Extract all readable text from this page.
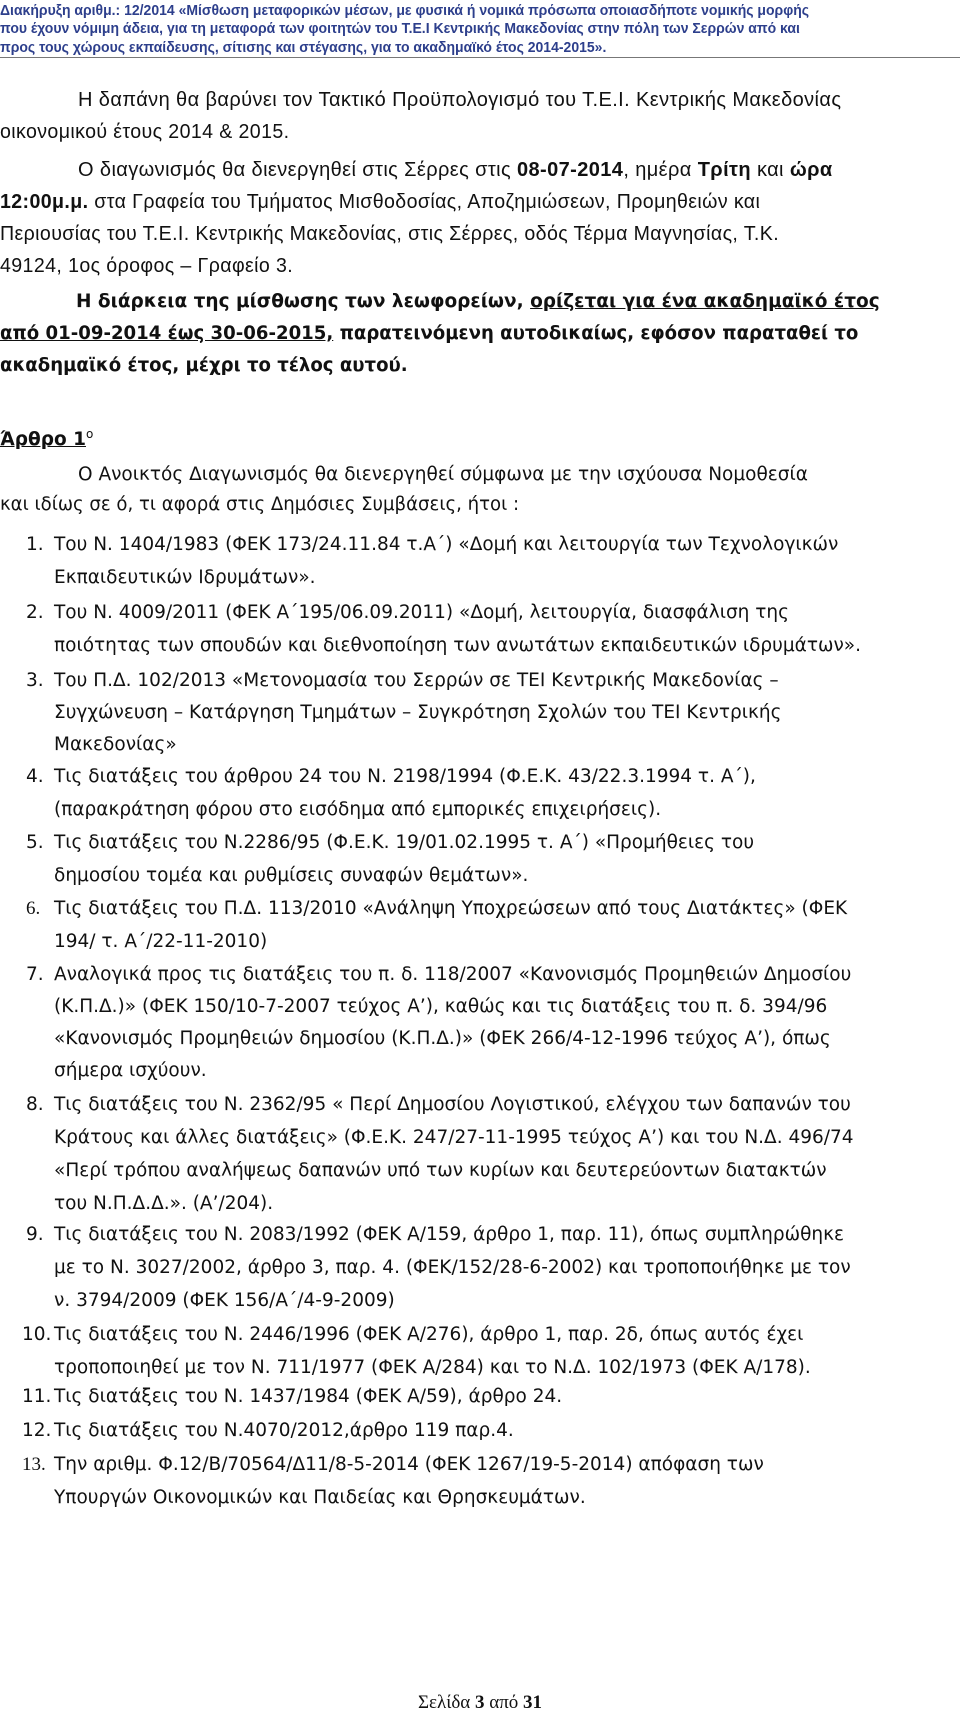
Διακήρυξη αριθμ.: 12/2014 «Μίσθωση μεταφορικών μέσων, με φυσικά ή νομικά πρόσωπα οποιασδήποτε νομικής μορφής
που έχουν νόμιμη άδεια, για τη μεταφορά των φοιτητών του Τ.Ε.Ι Κεντρικής Μακεδονίας στην πόλη των Σερρών από και
προς τους χώρους εκπαίδευσης, σίτισης και στέγασης, για το ακαδημαϊκό έτος 2014-2015».
Η δαπάνη θα βαρύνει τον Τακτικό Προϋπολογισμό του Τ.Ε.Ι. Κεντρικής Μακεδονίας
οικονομικού έτους 2014 & 2015.
Ο διαγωνισμός θα διενεργηθεί στις Σέρρες στις 08-07-2014, ημέρα Τρίτη και ώρα
12:00μ.μ. στα Γραφεία του Τμήματος Μισθοδοσίας, Αποζημιώσεων, Προμηθειών και
Περιουσίας του Τ.Ε.Ι. Κεντρικής Μακεδονίας, στις Σέρρες, οδός Τέρμα Μαγνησίας, Τ.Κ.
49124, 1ος όροφος – Γραφείο 3.
Η διάρκεια της μίσθωσης των λεωφορείων, ορίζεται για ένα ακαδημαϊκό έτος
από 01-09-2014 έως 30-06-2015, παρατεινόμενη αυτοδικαίως, εφόσον παραταθεί το
ακαδημαϊκό έτος, μέχρι το τέλος αυτού.
Άρθρο $1^o$
Ο Ανοικτός Διαγωνισμός θα διενεργηθεί σύμφωνα με την ισχύουσα Νομοθεσία
και ιδίως σε ό, τι αφορά στις Δημόσιες Συμβάσεις, ήτοι :
1. Του Ν. 1404/1983 (ΦΕΚ 173/24.11.84 τ.Α΄) «Δομή και λειτουργία των Τεχνολογικών
Εκπαιδευτικών Ιδρυμάτων».
2. Του Ν. 4009/2011 (ΦΕΚ Α΄195/06.09.2011) «Δομή, λειτουργία, διασφάλιση της
ποιότητας των σπουδών και διεθνοποίηση των ανωτάτων εκπαιδευτικών ιδρυμάτων».
3. Του Π.Δ. 102/2013 «Μετονομασία του Σερρών σε ΤΕΙ Κεντρικής Μακεδονίας –
Συγχώνευση – Κατάργηση Τμημάτων – Συγκρότηση Σχολών του ΤΕΙ Κεντρικής
Μακεδονίας»
4. Τις διατάξεις του άρθρου 24 του Ν. 2198/1994 (Φ.Ε.Κ. 43/22.3.1994 τ. Α΄),
(παρακράτηση φόρου στο εισόδημα από εμπορικές επιχειρήσεις).
5. Τις διατάξεις του Ν.2286/95 (Φ.Ε.Κ. 19/01.02.1995 τ. Α΄) «Προμήθειες του
δημοσίου τομέα και ρυθμίσεις συναφών θεμάτων».
6. Τις διατάξεις του Π.Δ. 113/2010 «Ανάληψη Υποχρεώσεων από τους Διατάκτες» (ΦΕΚ
194/ τ. Α΄/22-11-2010)
7. Αναλογικά προς τις διατάξεις του π. δ. 118/2007 «Κανονισμός Προμηθειών Δημοσίου
(Κ.Π.Δ.)» (ΦΕΚ 150/10-7-2007 τεύχος Α’), καθώς και τις διατάξεις του π. δ. 394/96
«Κανονισμός Προμηθειών δημοσίου (Κ.Π.Δ.)» (ΦΕΚ 266/4-12-1996 τεύχος Α’), όπως
σήμερα ισχύουν.
8. Τις διατάξεις του Ν. 2362/95 « Περί Δημοσίου Λογιστικού, ελέγχου των δαπανών του
Κράτους και άλλες διατάξεις» (Φ.Ε.Κ. 247/27-11-1995 τεύχος Α’) και του Ν.Δ. 496/74
«Περί τρόπου αναλήψεως δαπανών υπό των κυρίων και δευτερεύοντων διατακτών
του Ν.Π.Δ.Δ.». (Α’/204).
9. Τις διατάξεις του Ν. 2083/1992 (ΦΕΚ Α/159, άρθρο 1, παρ. 11), όπως συμπληρώθηκε
με το Ν. 3027/2002, άρθρο 3, παρ. 4. (ΦΕΚ/152/28-6-2002) και τροποποιήθηκε με τον
ν. 3794/2009 (ΦΕΚ 156/Α΄/4-9-2009)
10. Τις διατάξεις του Ν. 2446/1996 (ΦΕΚ Α/276), άρθρο 1, παρ. 2δ, όπως αυτός έχει
τροποποιηθεί με τον Ν. 711/1977 (ΦΕΚ Α/284) και το Ν.Δ. 102/1973 (ΦΕΚ Α/178).
11. Τις διατάξεις του Ν. 1437/1984 (ΦΕΚ Α/59), άρθρο 24.
12. Τις διατάξεις του Ν.4070/2012,άρθρο 119 παρ.4.
13. Την αριθμ. Φ.12/Β/70564/Δ11/8-5-2014 (ΦΕΚ 1267/19-5-2014) απόφαση των
Υπουργών Οικονομικών και Παιδείας και Θρησκευμάτων.
Σελίδα 3 από 31
